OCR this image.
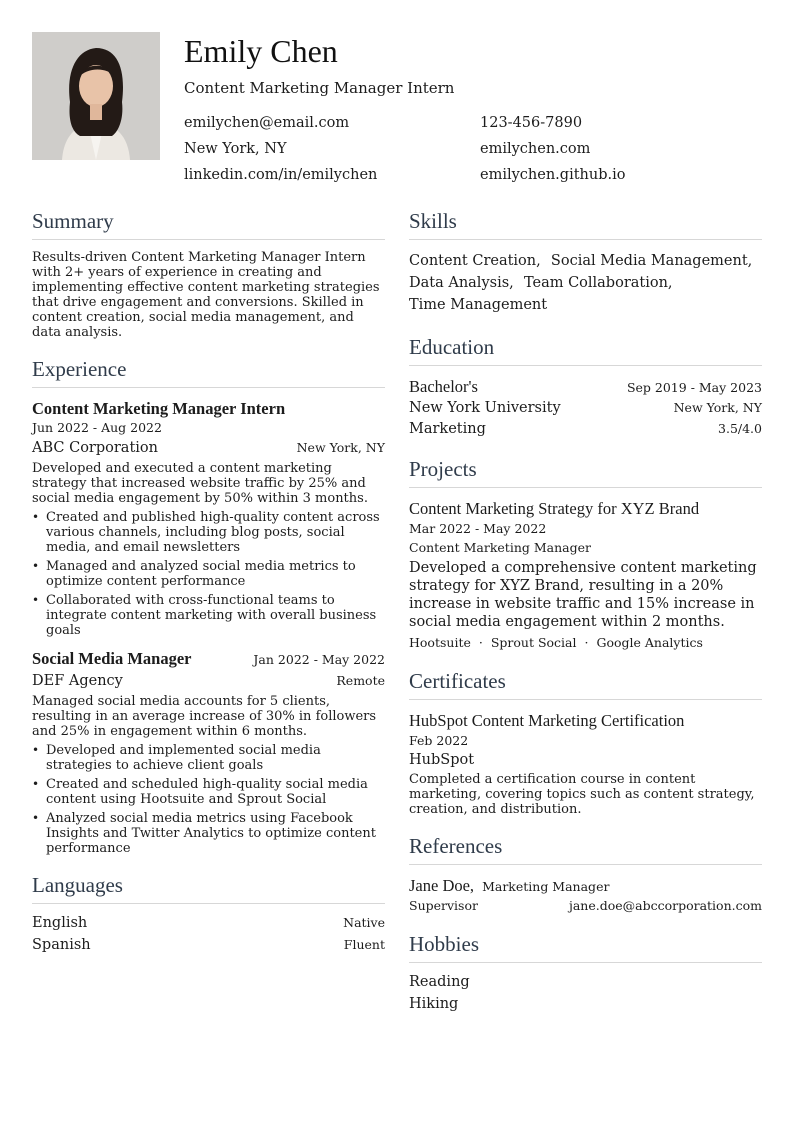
Emily Chen
Content Marketing Manager Intern
emilychen@email.com	123-456-7890
New York, NY	emilychen.com
linkedin.com/in/emilychen	emilychen.github.io
Summary
Results-driven Content Marketing Manager Intern with 2+ years of experience in creating and implementing effective content marketing strategies that drive engagement and conversions. Skilled in content creation, social media management, and data analysis.
Experience
Content Marketing Manager Intern
Jun 2022 - Aug 2022
ABC Corporation	New York, NY
Developed and executed a content marketing strategy that increased website traffic by 25% and social media engagement by 50% within 3 months.
• Created and published high-quality content across various channels, including blog posts, social media, and email newsletters
• Managed and analyzed social media metrics to optimize content performance
• Collaborated with cross-functional teams to integrate content marketing with overall business goals
Social Media Manager	Jan 2022 - May 2022
DEF Agency	Remote
Managed social media accounts for 5 clients, resulting in an average increase of 30% in followers and 25% in engagement within 6 months.
• Developed and implemented social media strategies to achieve client goals
• Created and scheduled high-quality social media content using Hootsuite and Sprout Social
• Analyzed social media metrics using Facebook Insights and Twitter Analytics to optimize content performance
Languages
English	Native
Spanish	Fluent
Skills
Content Creation, Social Media Management,
Data Analysis, Team Collaboration,
Time Management
Education
Bachelor's	Sep 2019 - May 2023
New York University	New York, NY
Marketing	3.5/4.0
Projects
Content Marketing Strategy for XYZ Brand
Mar 2022 - May 2022
Content Marketing Manager
Developed a comprehensive content marketing strategy for XYZ Brand, resulting in a 20% increase in website traffic and 15% increase in social media engagement within 2 months.
Hootsuite · Sprout Social · Google Analytics
Certificates
HubSpot Content Marketing Certification
Feb 2022
HubSpot
Completed a certification course in content marketing, covering topics such as content strategy, creation, and distribution.
References
Jane Doe, Marketing Manager
Supervisor	jane.doe@abccorporation.com
Hobbies
Reading
Hiking
